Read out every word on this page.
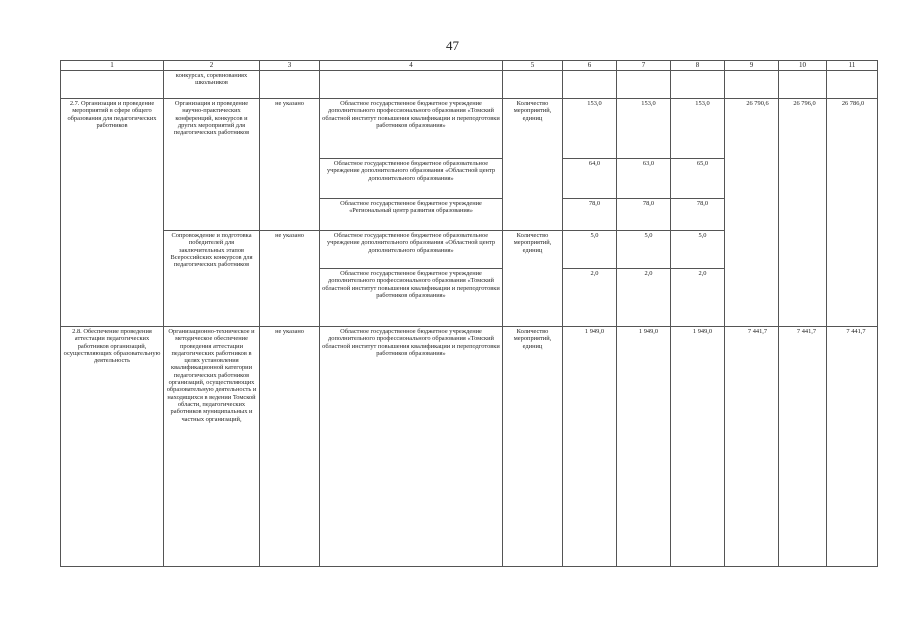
47
1	2	3	4	5	6	7	8	9	10	11
	конкурсах, соревнованиях школьников									
2.7. Организация и проведение мероприятий в сфере общего образования для педагогических работников	Организация и проведение научно-практических конференций, конкурсов и других мероприятий для педагогических работников	не указано	Областное государственное бюджетное учреждение дополнительного профессионального образования «Томский областной институт повышения квалификации и переподготовки работников образования»	Количество мероприятий, единиц	153,0	153,0	153,0	26 790,6	26 796,0	26 786,0
			Областное государственное бюджетное образовательное учреждение дополнительного образования «Областной центр дополнительного образования»		64,0	63,0	65,0			
			Областное государственное бюджетное учреждение «Региональный центр развития образования»		78,0	78,0	78,0			
	Сопровождение и подготовка победителей для заключительных этапов Всероссийских конкурсов для педагогических работников	не указано	Областное государственное бюджетное образовательное учреждение дополнительного образования «Областной центр дополнительного образования»	Количество мероприятий, единиц	5,0	5,0	5,0			
			Областное государственное бюджетное учреждение дополнительного профессионального образования «Томский областной институт повышения квалификации и переподготовки работников образования»		2,0	2,0	2,0			
2.8. Обеспечение проведения аттестации педагогических работников организаций, осуществляющих образовательную деятельность	Организационно-техническое и методическое обеспечение проведения аттестации педагогических работников в целях установления квалификационной категории педагогических работников организаций, осуществляющих образовательную деятельность и находящихся в ведении Томской области, педагогических работников муниципальных и частных организаций,	не указано	Областное государственное бюджетное учреждение дополнительного профессионального образования «Томский областной институт повышения квалификации и переподготовки работников образования»	Количество мероприятий, единиц	1 949,0	1 949,0	1 949,0	7 441,7	7 441,7	7 441,7
